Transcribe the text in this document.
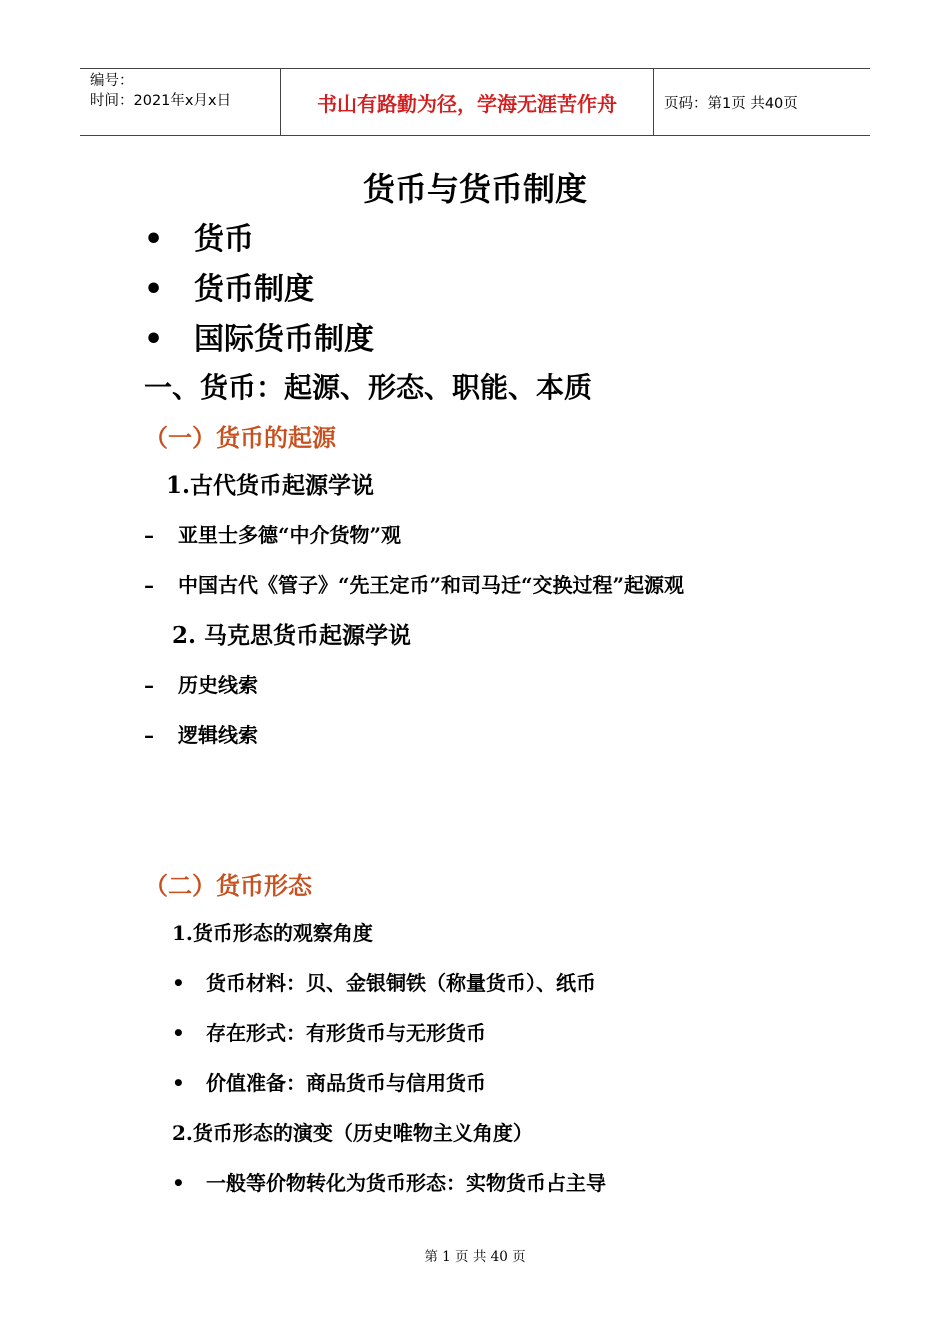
编号：
时间：2021年x月x日	书山有路勤为径，学海无涯苦作舟	页码：第1页 共40页
货币与货币制度
• 货币
• 货币制度
• 国际货币制度
一、货币：起源、形态、职能、本质
（一）货币的起源
1.古代货币起源学说
– 亚里士多德“中介货物”观
– 中国古代《管子》“先王定币”和司马迁“交换过程”起源观
2. 马克思货币起源学说
– 历史线索
– 逻辑线索
（二）货币形态
1.货币形态的观察角度
• 货币材料：贝、金银铜铁（称量货币）、纸币
• 存在形式：有形货币与无形货币
• 价值准备：商品货币与信用货币
2.货币形态的演变（历史唯物主义角度）
• 一般等价物转化为货币形态：实物货币占主导
第 1 页 共 40 页
